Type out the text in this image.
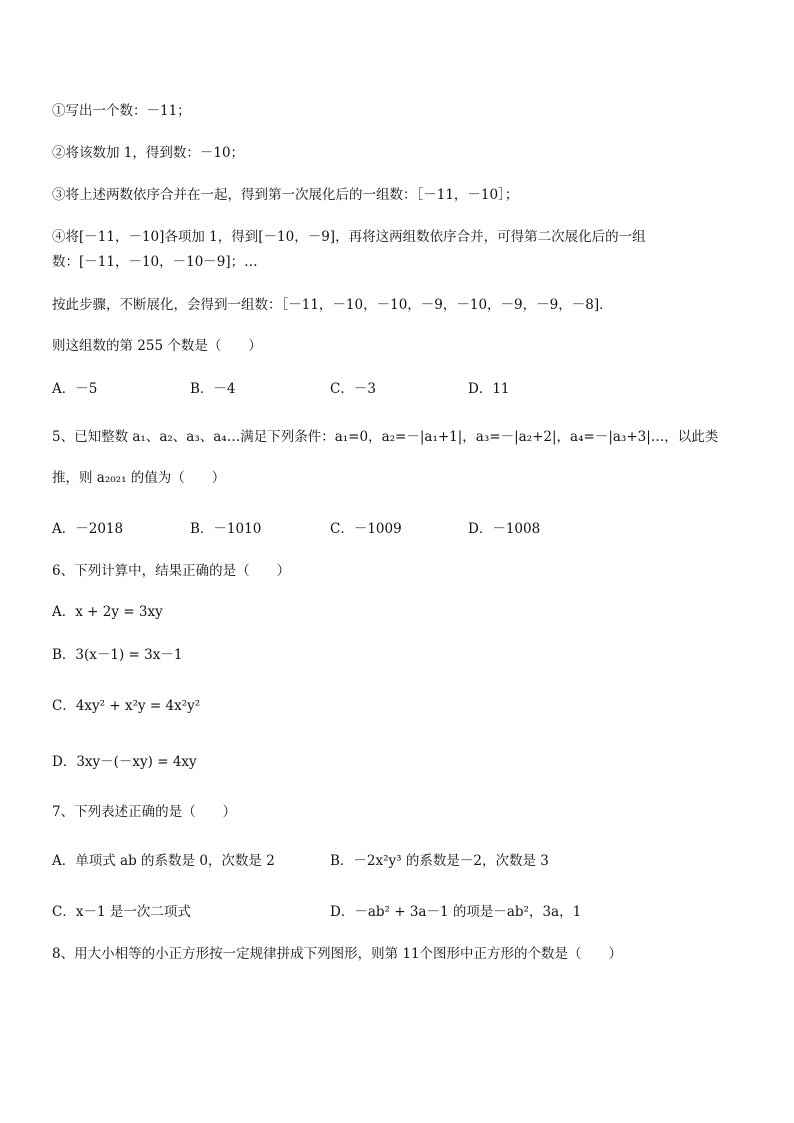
①写出一个数：－11；
②将该数加 1，得到数：－10；
③将上述两数依序合并在一起，得到第一次展化后的一组数：［－11，－10］；
④将[－11，－10]各项加 1，得到[－10，－9]，再将这两组数依序合并，可得第二次展化后的一组
数：[－11，－10，－10－9]；…
按此步骤，不断展化，会得到一组数：［－11，－10，－10，－9，－10，－9，－9，－8]．
则这组数的第 255 个数是（　　）
A．－5	B．－4	C．－3	D．11
5、已知整数 a₁、a₂、a₃、a₄…满足下列条件：a₁=0，a₂=－|a₁+1|，a₃=－|a₂+2|，a₄=－|a₃+3|…，以此类
推，则 a₂₀₂₁ 的值为（　　）
A．－2018	B．－1010	C．－1009	D．－1008
6、下列计算中，结果正确的是（　　）
A．x + 2y = 3xy
B．3(x－1) = 3x－1
C．4xy² + x²y = 4x²y²
D．3xy－(－xy) = 4xy
7、下列表述正确的是（　　）
A．单项式 ab 的系数是 0，次数是 2	B．－2x²y³ 的系数是－2，次数是 3
C．x－1 是一次二项式	D．－ab² + 3a－1 的项是－ab²，3a，1
8、用大小相等的小正方形按一定规律拼成下列图形，则第 11个图形中正方形的个数是（　　）
